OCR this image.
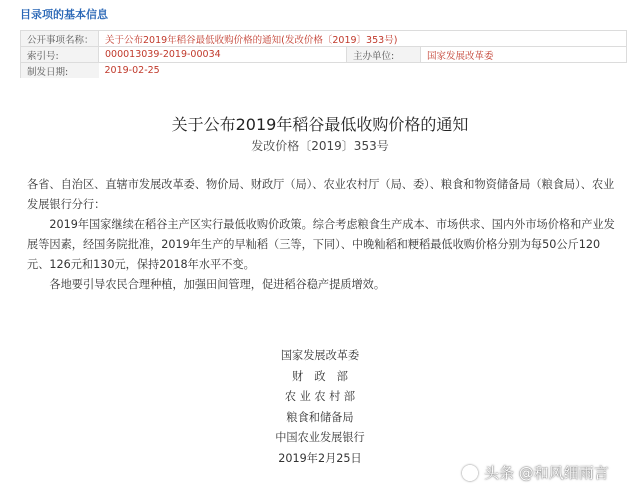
目录项的基本信息
公开事项名称：	关于公布2019年稻谷最低收购价格的通知(发改价格〔2019〕353号)		
索引号:	000013039-2019-00034	主办单位:	国家发展改革委
制发日期:	2019-02-25		
关于公布2019年稻谷最低收购价格的通知
发改价格〔2019〕353号

各省、自治区、直辖市发展改革委、物价局、财政厅（局）、农业农村厅（局、委）、粮食和物资储备局（粮食局）、农业发展银行分行：

2019年国家继续在稻谷主产区实行最低收购价政策。综合考虑粮食生产成本、市场供求、国内外市场价格和产业发展等因素，经国务院批准，2019年生产的早籼稻（三等，下同）、中晚籼稻和粳稻最低收购价格分别为每50公斤120元、126元和130元，保持2018年水平不变。

各地要引导农民合理种植，加强田间管理，促进稻谷稳产提质增效。

国家发展改革委
财　政　部
农 业 农 村 部
粮食和储备局
中国农业发展银行
2019年2月25日
头条 @和风细雨言
